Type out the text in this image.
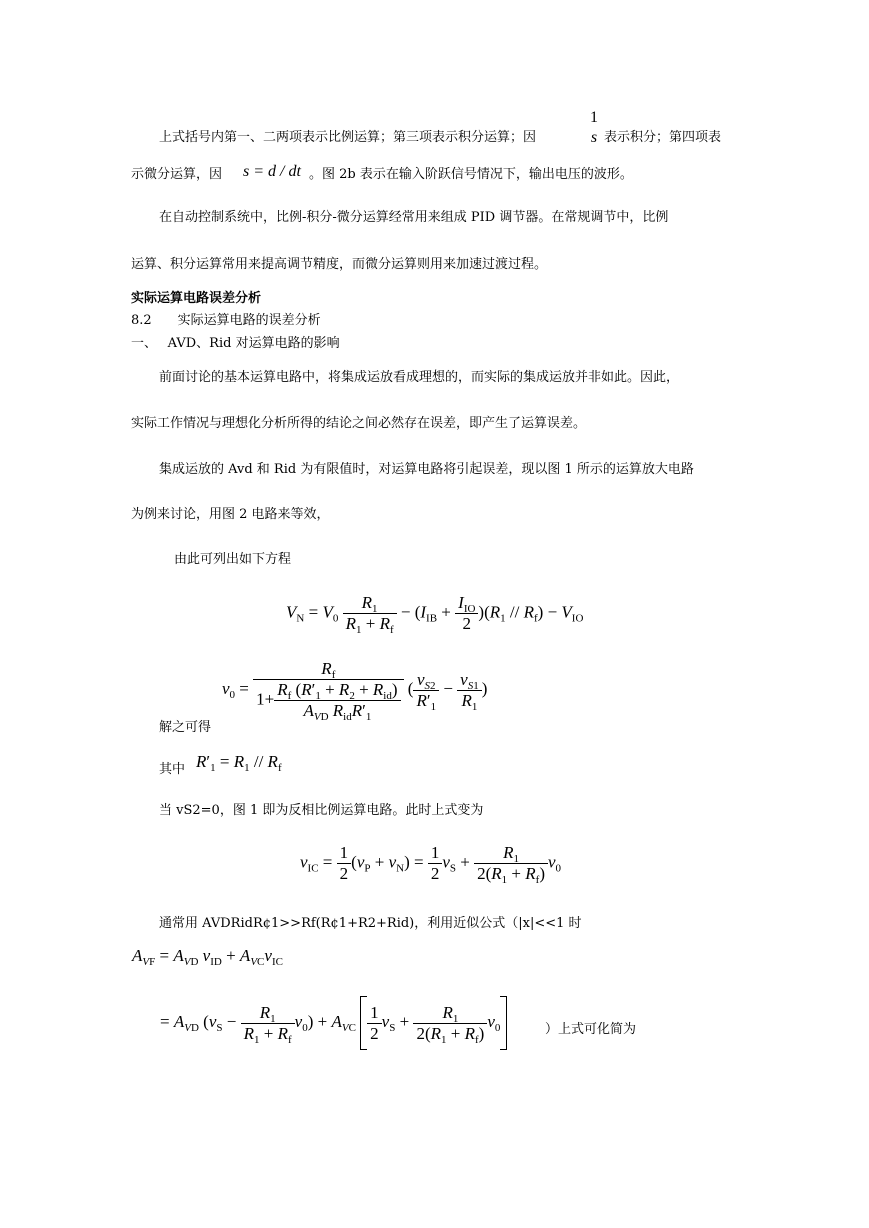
上式括号内第一、二两项表示比例运算；第三项表示积分运算；因
1
s 表示积分；第四项表
示微分运算，因 s = d / dt 。图 2b 表示在输入阶跃信号情况下，输出电压的波形。
在自动控制系统中，比例-积分-微分运算经常用来组成 PID 调节器。在常规调节中，比例
运算、积分运算常用来提高调节精度，而微分运算则用来加速过渡过程。
实际运算电路误差分析
8.2　　实际运算电路的误差分析
一、　 AVD、Rid 对运算电路的影响
前面讨论的基本运算电路中，将集成运放看成理想的，而实际的集成运放并非如此。因此，
实际工作情况与理想化分析所得的结论之间必然存在误差，即产生了运算误差。
集成运放的 Avd 和 Rid 为有限值时，对运算电路将引起误差，现以图 1 所示的运算放大电路
为例来讨论，用图 2 电路来等效，
由此可列出如下方程
$V_N = V_0 \frac{R_1}{R_1 + R_f} - (I_{IB} + \frac{I_{IO}}{2} )(R_1 // R_f) - V_{IO}$
$v_0 = \frac{R_f}{1+ \frac{R_f (R'_1 + R_2 + R_{id})}{A_{VD} R_{id}R'_1}}$ ( $\frac{v_{S2}}{R'_1} - \frac{v_{S1}}{R_1}$ )
解之可得
其中 $R'_1 = R_1 // R_f$
当 vS2=0，图 1 即为反相比例运算电路。此时上式变为
$v_{IC} = \frac{1}{2} (v_P + v_N) = \frac{1}{2} v_S + \frac{R_1}{2(R_1 + R_f)} v_0$
通常用 AVDRidR¢1>>Rf(R¢1+R2+Rid)，利用近似公式（|x|<<1 时
$A_{VF} = A_{VD}$ $v_{ID} + A_{VC}v_{IC}$
= $A_{VD}$ $(v_S - \frac{R_1}{R_1 + R_f} v_0) + A_{VC} \frac{1}{2} v_S + \frac{R_1}{2(R_1 + R_f)} v_0$	）上式可化简为
